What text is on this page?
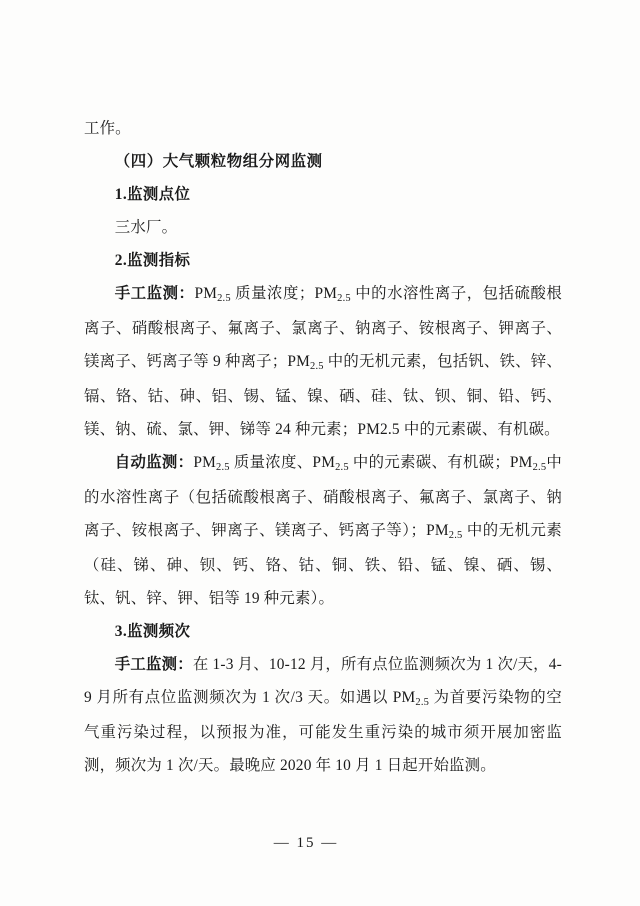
工作。

（四）大气颗粒物组分网监测

1.监测点位

三水厂。

2.监测指标

手工监测：$PM_{2.5}$ 质量浓度；$PM_{2.5}$ 中的水溶性离子，包括硫酸根离子、硝酸根离子、氟离子、氯离子、钠离子、铵根离子、钾离子、镁离子、钙离子等 9 种离子；$PM_{2.5}$ 中的无机元素，包括钒、铁、锌、镉、铬、钴、砷、铝、锡、锰、镍、硒、硅、钛、钡、铜、铅、钙、镁、钠、硫、氯、钾、锑等 24 种元素；PM2.5 中的元素碳、有机碳。

自动监测：$PM_{2.5}$ 质量浓度、$PM_{2.5}$ 中的元素碳、有机碳；$PM_{2.5}$中的水溶性离子（包括硫酸根离子、硝酸根离子、氟离子、氯离子、钠离子、铵根离子、钾离子、镁离子、钙离子等）；$PM_{2.5}$ 中的无机元素（硅、锑、砷、钡、钙、铬、钴、铜、铁、铅、锰、镍、硒、锡、钛、钒、锌、钾、铝等 19 种元素）。

3.监测频次

手工监测：在 1-3 月、10-12 月，所有点位监测频次为 1 次/天，4-9 月所有点位监测频次为 1 次/3 天。如遇以 $PM_{2.5}$ 为首要污染物的空气重污染过程，以预报为准，可能发生重污染的城市须开展加密监测，频次为 1 次/天。最晚应 2020 年 10 月 1 日起开始监测。

— 15 —
